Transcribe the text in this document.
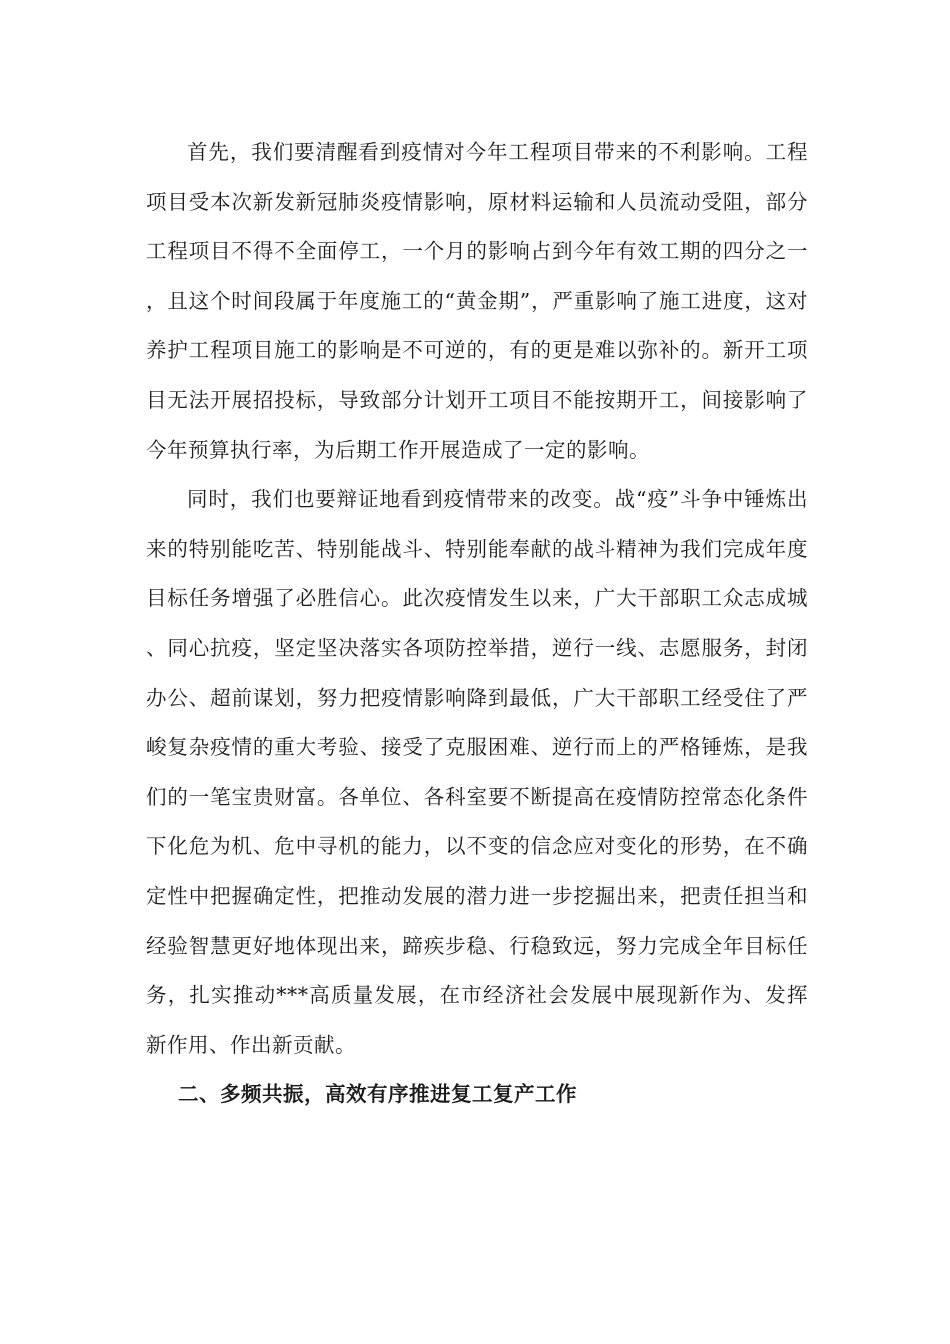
首先，我们要清醒看到疫情对今年工程项目带来的不利影响。工程项目受本次新发新冠肺炎疫情影响，原材料运输和人员流动受阻，部分工程项目不得不全面停工，一个月的影响占到今年有效工期的四分之一，且这个时间段属于年度施工的“黄金期”，严重影响了施工进度，这对养护工程项目施工的影响是不可逆的，有的更是难以弥补的。新开工项目无法开展招投标，导致部分计划开工项目不能按期开工，间接影响了今年预算执行率，为后期工作开展造成了一定的影响。

同时，我们也要辩证地看到疫情带来的改变。战“疫”斗争中锤炼出来的特别能吃苦、特别能战斗、特别能奉献的战斗精神为我们完成年度目标任务增强了必胜信心。此次疫情发生以来，广大干部职工众志成城、同心抗疫，坚定坚决落实各项防控举措，逆行一线、志愿服务，封闭办公、超前谋划，努力把疫情影响降到最低，广大干部职工经受住了严峻复杂疫情的重大考验、接受了克服困难、逆行而上的严格锤炼，是我们的一笔宝贵财富。各单位、各科室要不断提高在疫情防控常态化条件下化危为机、危中寻机的能力，以不变的信念应对变化的形势，在不确定性中把握确定性，把推动发展的潜力进一步挖掘出来，把责任担当和经验智慧更好地体现出来，蹄疾步稳、行稳致远，努力完成全年目标任务，扎实推动***高质量发展，在市经济社会发展中展现新作为、发挥新作用、作出新贡献。

二、多频共振，高效有序推进复工复产工作
